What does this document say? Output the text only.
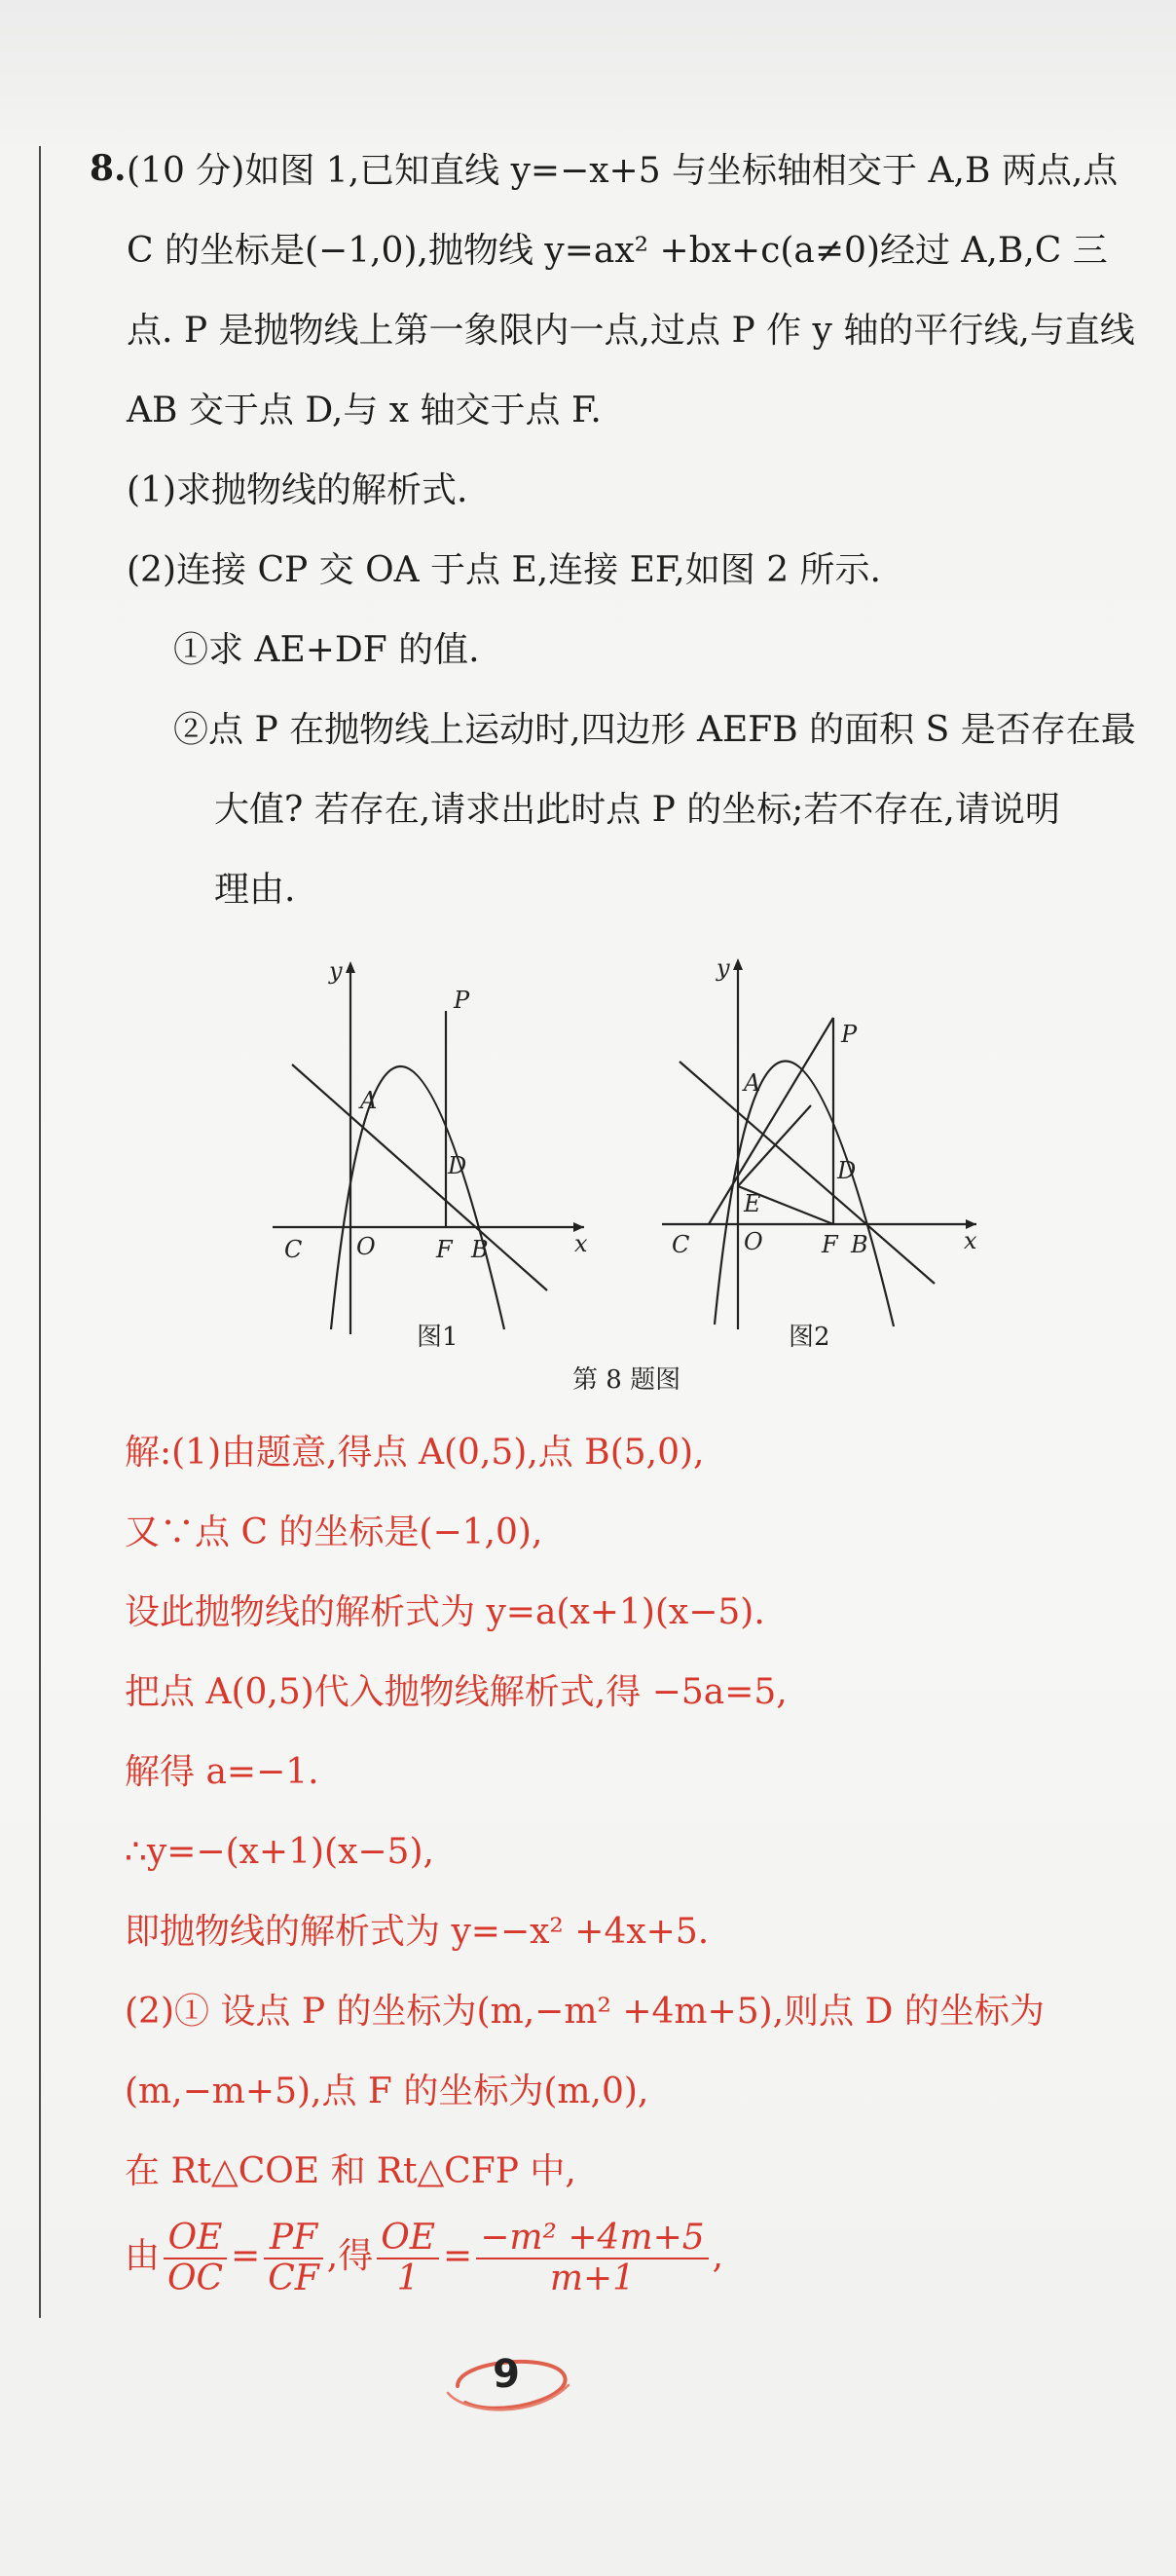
8. (10 分)如图 1,已知直线 y=−x+5 与坐标轴相交于 A,B 两点,点
C 的坐标是(−1,0),抛物线 y=ax² +bx+c(a≠0)经过 A,B,C 三
点. P 是抛物线上第一象限内一点,过点 P 作 y 轴的平行线,与直线
AB 交于点 D,与 x 轴交于点 F.
(1)求抛物线的解析式.
(2)连接 CP 交 OA 于点 E,连接 EF,如图 2 所示.
①求 AE+DF 的值.
②点 P 在抛物线上运动时,四边形 AEFB 的面积 S 是否存在最
大值? 若存在,请求出此时点 P 的坐标;若不存在,请说明
理由.
y
x
P
A
D
C O	F B
图1
y
x
P
A
D
E
C O	F B
图2
第 8 题图
解:(1)由题意,得点 A(0,5),点 B(5,0),
又∵点 C 的坐标是(−1,0),
设此抛物线的解析式为 y=a(x+1)(x−5).
把点 A(0,5)代入抛物线解析式,得 −5a=5,
解得 a=−1.
∴y=−(x+1)(x−5),
即抛物线的解析式为 y=−x² +4x+5.
(2)① 设点 P 的坐标为(m,−m² +4m+5),则点 D 的坐标为
(m,−m+5),点 F 的坐标为(m,0),
在 Rt△COE 和 Rt△CFP 中,
由 $\frac{OE}{OC} = \frac{PF}{CF}$ ,得 $\frac{OE}{1} = \frac{\text{−m² +4m+5}}{m+1}$ ,
9
